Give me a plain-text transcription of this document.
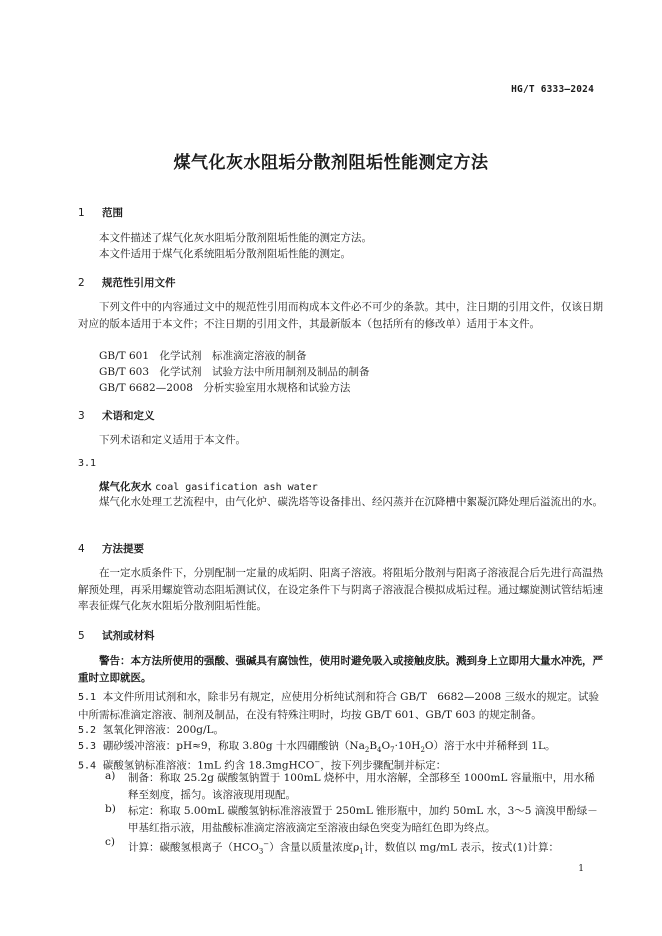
HG/T 6333—2024
煤气化灰水阻垢分散剂阻垢性能测定方法
1 范围
本文件描述了煤气化灰水阻垢分散剂阻垢性能的测定方法。
本文件适用于煤气化系统阻垢分散剂阻垢性能的测定。
2 规范性引用文件
下列文件中的内容通过文中的规范性引用而构成本文件必不可少的条款。其中，注日期的引用文件，仅该日期对应的版本适用于本文件；不注日期的引用文件，其最新版本（包括所有的修改单）适用于本文件。
GB/T 601　化学试剂　标准滴定溶液的制备
GB/T 603　化学试剂　试验方法中所用制剂及制品的制备
GB/T 6682—2008　分析实验室用水规格和试验方法
3 术语和定义
下列术语和定义适用于本文件。
3.1
煤气化灰水 coal gasification ash water
煤气化水处理工艺流程中，由气化炉、碳洗塔等设备排出、经闪蒸并在沉降槽中絮凝沉降处理后溢流出的水。
4 方法提要
在一定水质条件下，分别配制一定量的成垢阴、阳离子溶液。将阻垢分散剂与阳离子溶液混合后先进行高温热解预处理，再采用螺旋管动态阻垢测试仪，在设定条件下与阴离子溶液混合模拟成垢过程。通过螺旋测试管结垢速率表征煤气化灰水阻垢分散剂阻垢性能。
5 试剂或材料
警告：本方法所使用的强酸、强碱具有腐蚀性，使用时避免吸入或接触皮肤。溅到身上立即用大量水冲洗，严重时立即就医。
5.1 本文件所用试剂和水，除非另有规定，应使用分析纯试剂和符合 GB/T　6682—2008 三级水的规定。试验中所需标准滴定溶液、制剂及制品，在没有特殊注明时，均按 GB/T 601、GB/T 603 的规定制备。
5.2 氢氧化钾溶液：200g/L。
5.3 硼砂缓冲溶液：pH≈9，称取 3.80g 十水四硼酸钠$(Na_2B_4O_7\cdot 10H_2O)$溶于水中并稀释到 1L。
5.4 碳酸氢钠标准溶液：1mL 约含 18.3mgHCO−，按下列步骤配制并标定：
a) 制备：称取 25.2g 碳酸氢钠置于 100mL 烧杯中，用水溶解，全部移至 1000mL 容量瓶中，用水稀释至刻度，摇匀。该溶液现用现配。
b) 标定：称取 5.00mL 碳酸氢钠标准溶液置于 250mL 锥形瓶中，加约 50mL 水，3～5 滴溴甲酚绿－甲基红指示液，用盐酸标准滴定溶液滴定至溶液由绿色突变为暗红色即为终点。
c) 计算：碳酸氢根离子$(HCO_3^-)$含量以质量浓度$\rho_1$计，数值以 mg/mL 表示，按式(1)计算：
1
